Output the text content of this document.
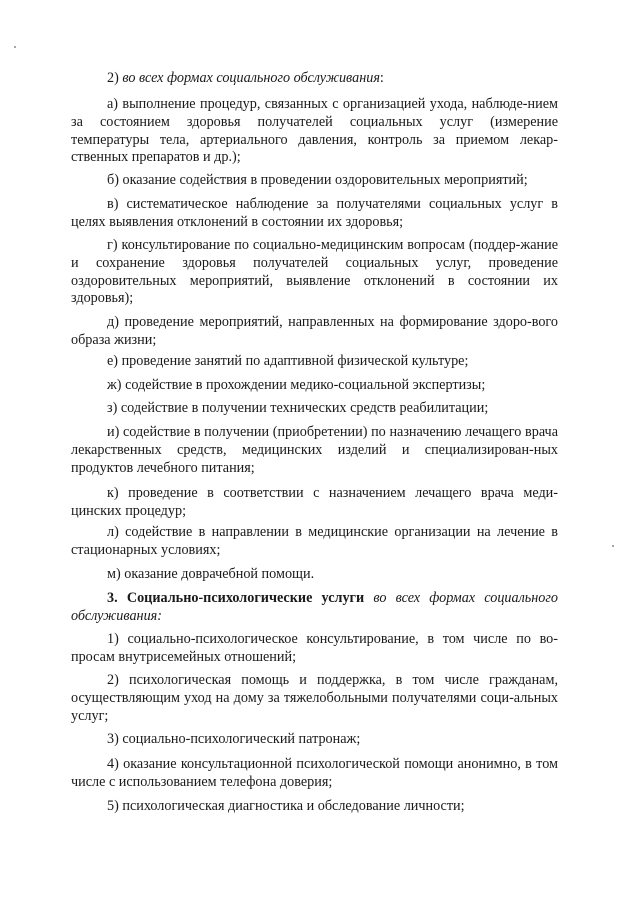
2) во всех формах социального обслуживания:

а) выполнение процедур, связанных с организацией ухода, наблюде-нием за состоянием здоровья получателей социальных услуг (измерение температуры тела, артериального давления, контроль за приемом лекар-ственных препаратов и др.);

б) оказание содействия в проведении оздоровительных мероприятий;

в) систематическое наблюдение за получателями социальных услуг в целях выявления отклонений в состоянии их здоровья;

г) консультирование по социально-медицинским вопросам (поддер-жание и сохранение здоровья получателей социальных услуг, проведение оздоровительных мероприятий, выявление отклонений в состоянии их здоровья);

д) проведение мероприятий, направленных на формирование здоро-вого образа жизни;

е) проведение занятий по адаптивной физической культуре;

ж) содействие в прохождении медико-социальной экспертизы;

з) содействие в получении технических средств реабилитации;

и) содействие в получении (приобретении) по назначению лечащего врача лекарственных средств, медицинских изделий и специализирован-ных продуктов лечебного питания;

к) проведение в соответствии с назначением лечащего врача меди-цинских процедур;

л) содействие в направлении в медицинские организации на лечение в стационарных условиях;

м) оказание доврачебной помощи.

3. Социально-психологические услуги во всех формах социального обслуживания:

1) социально-психологическое консультирование, в том числе по во-просам внутрисемейных отношений;

2) психологическая помощь и поддержка, в том числе гражданам, осуществляющим уход на дому за тяжелобольными получателями соци-альных услуг;

3) социально-психологический патронаж;

4) оказание консультационной психологической помощи анонимно, в том числе с использованием телефона доверия;

5) психологическая диагностика и обследование личности;
